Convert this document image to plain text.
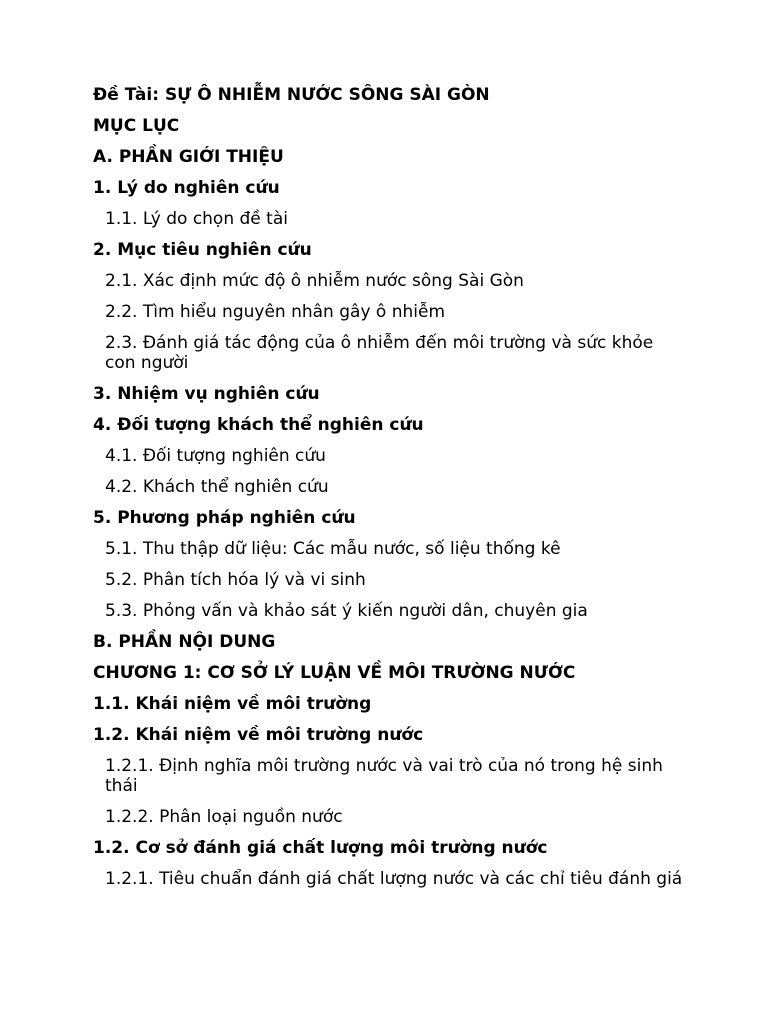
Đề Tài: SỰ Ô NHIỄM NƯỚC SÔNG SÀI GÒN
MỤC LỤC
A. PHẦN GIỚI THIỆU
1. Lý do nghiên cứu
1.1. Lý do chọn đề tài
2. Mục tiêu nghiên cứu
2.1. Xác định mức độ ô nhiễm nước sông Sài Gòn
2.2. Tìm hiểu nguyên nhân gây ô nhiễm
2.3. Đánh giá tác động của ô nhiễm đến môi trường và sức khỏe con người
3. Nhiệm vụ nghiên cứu
4. Đối tượng khách thể nghiên cứu
4.1. Đối tượng nghiên cứu
4.2. Khách thể nghiên cứu
5. Phương pháp nghiên cứu
5.1. Thu thập dữ liệu: Các mẫu nước, số liệu thống kê
5.2. Phân tích hóa lý và vi sinh
5.3. Phỏng vấn và khảo sát ý kiến người dân, chuyên gia
B. PHẦN NỘI DUNG
CHƯƠNG 1: CƠ SỞ LÝ LUẬN VỀ MÔI TRƯỜNG NƯỚC
1.1. Khái niệm về môi trường
1.2. Khái niệm về môi trường nước
1.2.1. Định nghĩa môi trường nước và vai trò của nó trong hệ sinh thái
1.2.2. Phân loại nguồn nước
1.2. Cơ sở đánh giá chất lượng môi trường nước
1.2.1. Tiêu chuẩn đánh giá chất lượng nước và các chỉ tiêu đánh giá
